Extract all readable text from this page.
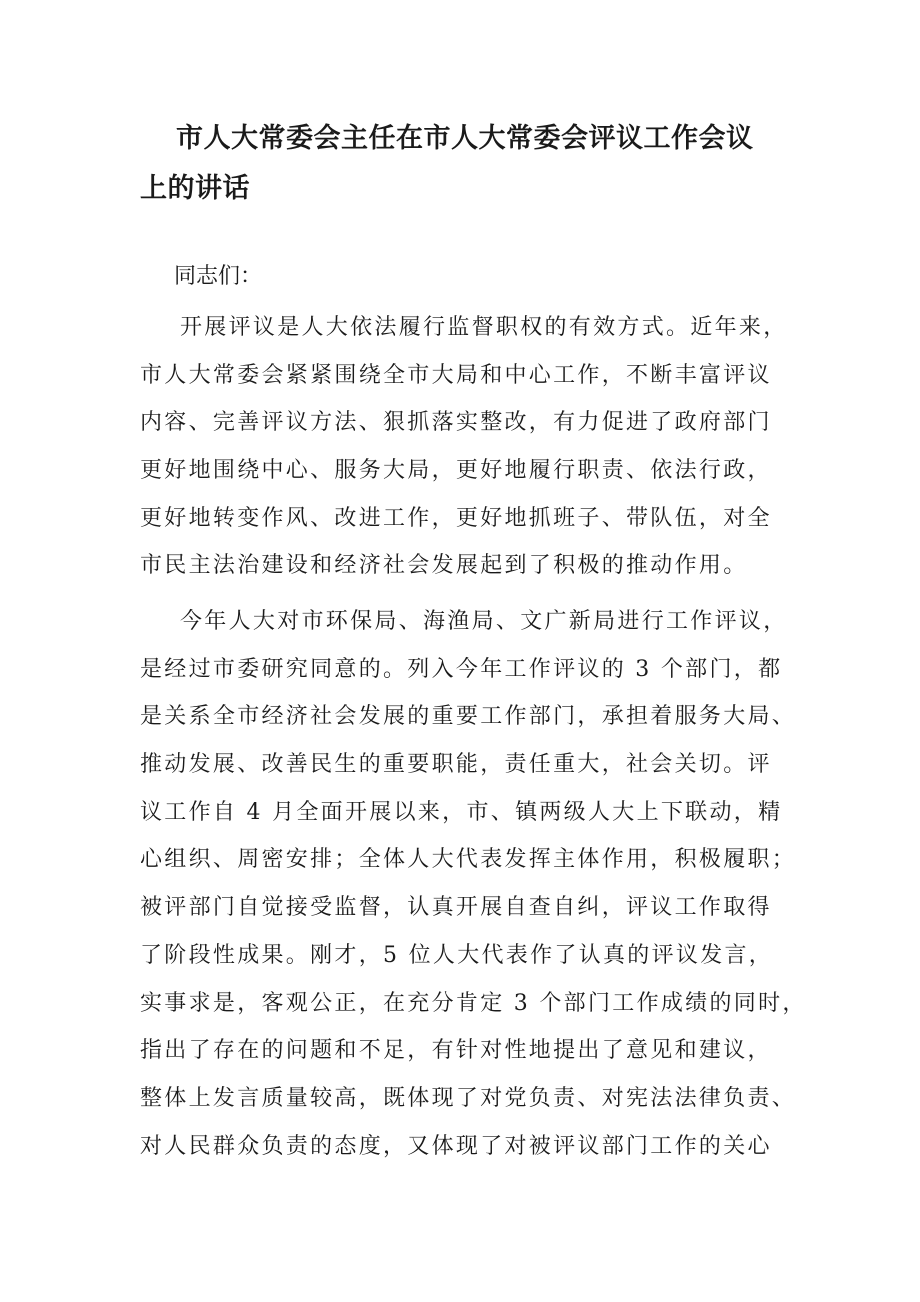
市人大常委会主任在市人大常委会评议工作会议
上的讲话
同志们：
开展评议是人大依法履行监督职权的有效方式。近年来，
市人大常委会紧紧围绕全市大局和中心工作，不断丰富评议
内容、完善评议方法、狠抓落实整改，有力促进了政府部门
更好地围绕中心、服务大局，更好地履行职责、依法行政，
更好地转变作风、改进工作，更好地抓班子、带队伍，对全
市民主法治建设和经济社会发展起到了积极的推动作用。
今年人大对市环保局、海渔局、文广新局进行工作评议，
是经过市委研究同意的。列入今年工作评议的 3 个部门，都
是关系全市经济社会发展的重要工作部门，承担着服务大局、
推动发展、改善民生的重要职能，责任重大，社会关切。评
议工作自 4 月全面开展以来，市、镇两级人大上下联动，精
心组织、周密安排；全体人大代表发挥主体作用，积极履职；
被评部门自觉接受监督，认真开展自查自纠，评议工作取得
了阶段性成果。刚才，5 位人大代表作了认真的评议发言，
实事求是，客观公正，在充分肯定 3 个部门工作成绩的同时，
指出了存在的问题和不足，有针对性地提出了意见和建议，
整体上发言质量较高，既体现了对党负责、对宪法法律负责、
对人民群众负责的态度，又体现了对被评议部门工作的关心
